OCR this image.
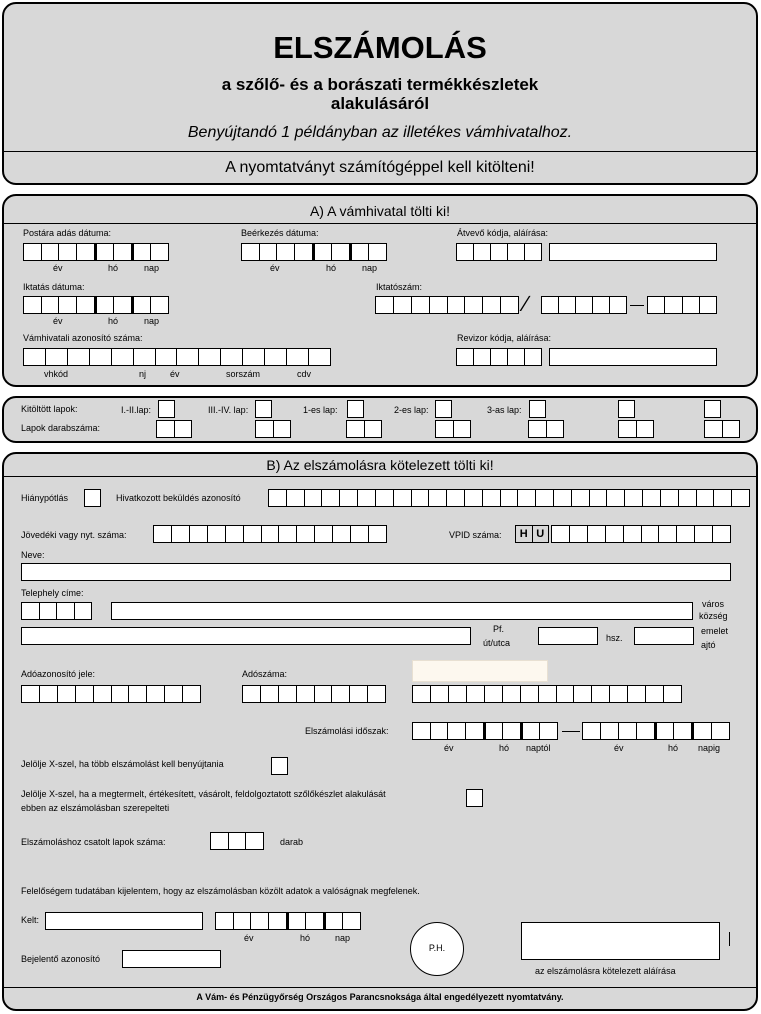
ELSZÁMOLÁS
a szőlő- és a borászati termékkészletek
alakulásáról
Benyújtandó 1 példányban az illetékes vámhivatalhoz.
A nyomtatványt számítógéppel kell kitölteni!
A) A vámhivatal tölti ki!
Postára adás dátuma:
év	hó	nap
Beérkezés dátuma:
év	hó	nap
Átvevő kódja, aláírása:
Iktatás dátuma:
év	hó	nap
Iktatószám:
∕
Vámhivatali azonosító száma:
vhkód	nj	év	sorszám	cdv
Revizor kódja, aláírása:
Kitöltött lapok:
Lapok darabszáma:
I.-II.lap:	III.-IV. lap:	1-es lap:	2-es lap:	3-as lap:
B) Az elszámolásra kötelezett tölti ki!
Hiánypótlás	Hivatkozott beküldés azonosító
Jövedéki vagy nyt. száma:	VPID száma:	H U
Neve:
Telephely címe:
város
község
Pf.
út/utca	hsz.
emelet
ajtó
Adóazonosító jele:	Adószáma:
Elszámolási időszak:
év	hó naptól	év	hó napig
Jelölje X-szel, ha több elszámolást kell benyújtania
Jelölje X-szel, ha a megtermelt, értékesített, vásárolt, feldolgoztatott szőlőkészlet alakulását
ebben az elszámolásban szerepelteti
Elszámoláshoz csatolt lapok száma:	darab
Felelőségem tudatában kijelentem, hogy az elszámolásban közölt adatok a valóságnak megfelenek.
Kelt:
év	hó	nap
P.H.
az elszámolásra kötelezett aláírása
Bejelentő azonosító
A Vám- és Pénzügyőrség Országos Parancsnoksága által engedélyezett nyomtatvány.
